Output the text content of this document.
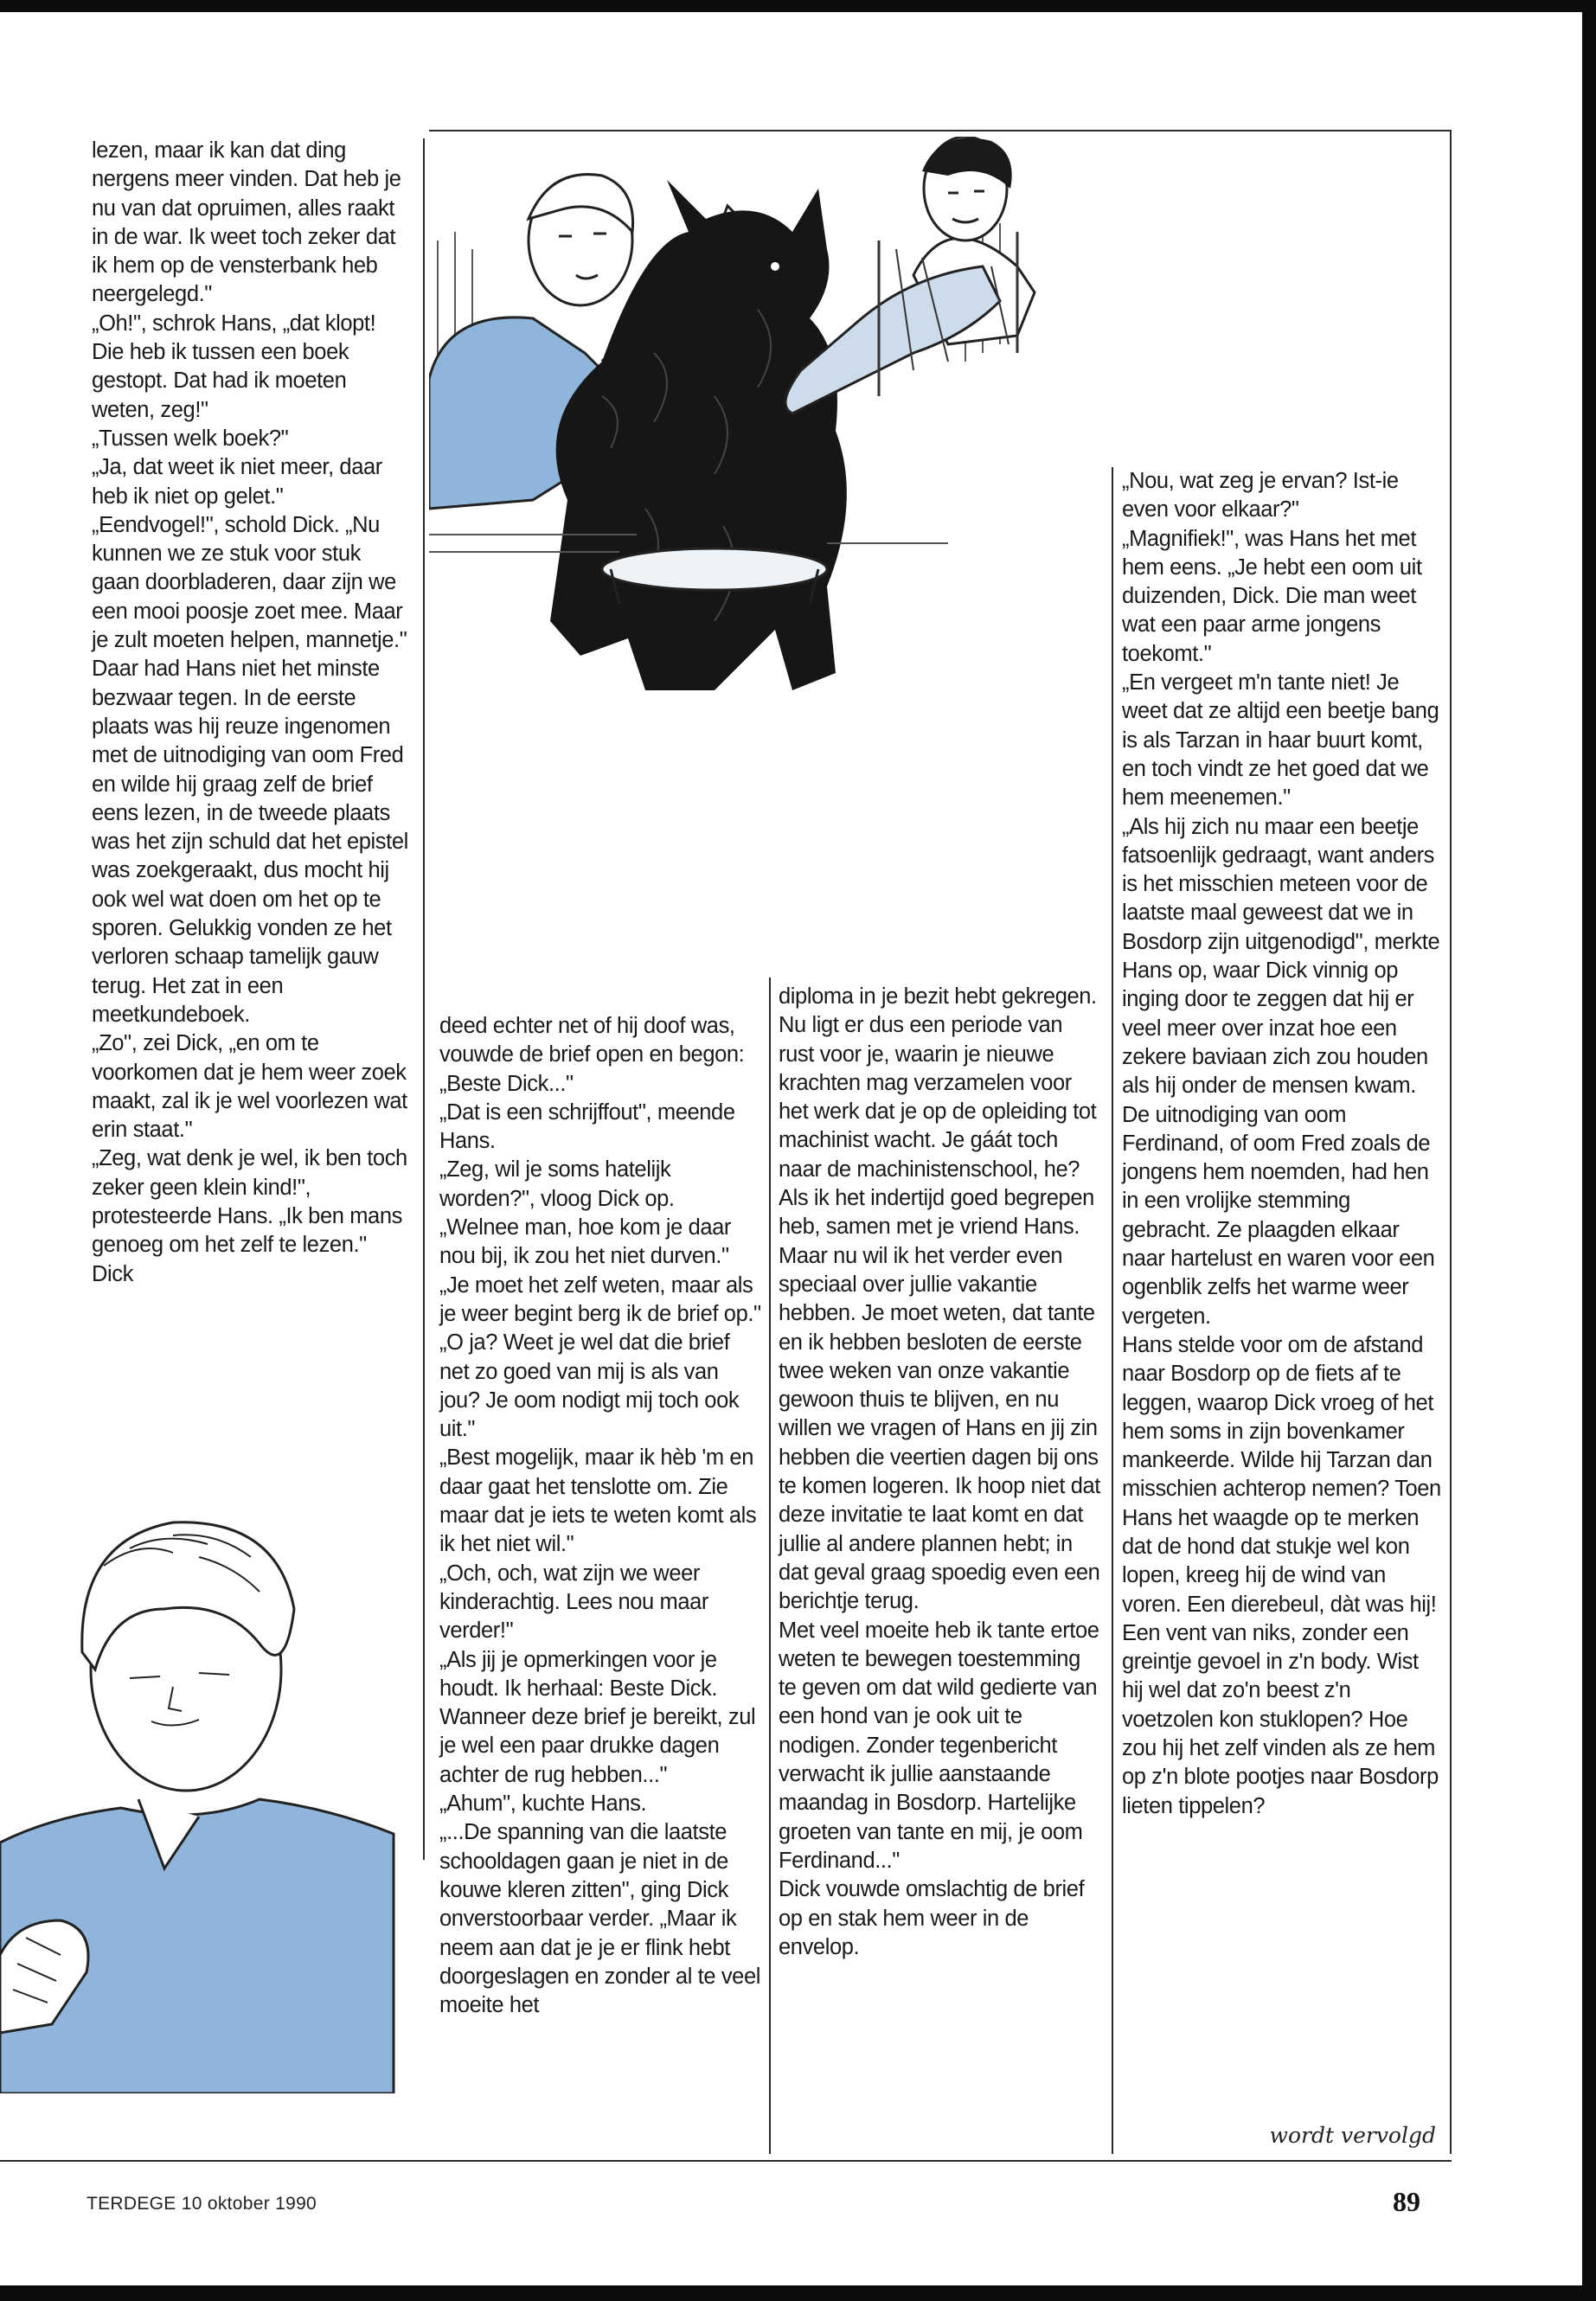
lezen, maar ik kan dat ding nergens meer vinden. Dat heb je nu van dat opruimen, alles raakt in de war. Ik weet toch zeker dat ik hem op de vensterbank heb neergelegd."

„Oh!", schrok Hans, „dat klopt! Die heb ik tussen een boek gestopt. Dat had ik moeten weten, zeg!"

„Tussen welk boek?"

„Ja, dat weet ik niet meer, daar heb ik niet op gelet."

„Eendvogel!", schold Dick. „Nu kunnen we ze stuk voor stuk gaan doorbladeren, daar zijn we een mooi poosje zoet mee. Maar je zult moeten helpen, mannetje."

Daar had Hans niet het minste bezwaar tegen. In de eerste plaats was hij reuze ingenomen met de uitnodiging van oom Fred en wilde hij graag zelf de brief eens lezen, in de tweede plaats was het zijn schuld dat het epistel was zoekgeraakt, dus mocht hij ook wel wat doen om het op te sporen. Gelukkig vonden ze het verloren schaap tamelijk gauw terug. Het zat in een meetkundeboek.

„Zo", zei Dick, „en om te voorkomen dat je hem weer zoek maakt, zal ik je wel voorlezen wat erin staat."

„Zeg, wat denk je wel, ik ben toch zeker geen klein kind!", protesteerde Hans. „Ik ben mans genoeg om het zelf te lezen." Dick

deed echter net of hij doof was, vouwde de brief open en begon: „Beste Dick..."

„Dat is een schrijffout", meende Hans.

„Zeg, wil je soms hatelijk worden?", vloog Dick op.

„Welnee man, hoe kom je daar nou bij, ik zou het niet durven."

„Je moet het zelf weten, maar als je weer begint berg ik de brief op."

„O ja? Weet je wel dat die brief net zo goed van mij is als van jou? Je oom nodigt mij toch ook uit."

„Best mogelijk, maar ik hèb 'm en daar gaat het tenslotte om. Zie maar dat je iets te weten komt als ik het niet wil."

„Och, och, wat zijn we weer kinderachtig. Lees nou maar verder!"

„Als jij je opmerkingen voor je houdt. Ik herhaal: Beste Dick. Wanneer deze brief je bereikt, zul je wel een paar drukke dagen achter de rug hebben..."

„Ahum", kuchte Hans.

„...De spanning van die laatste schooldagen gaan je niet in de kouwe kleren zitten", ging Dick onverstoorbaar verder. „Maar ik neem aan dat je je er flink hebt doorgeslagen en zonder al te veel moeite het

diploma in je bezit hebt gekregen. Nu ligt er dus een periode van rust voor je, waarin je nieuwe krachten mag verzamelen voor het werk dat je op de opleiding tot machinist wacht. Je gáát toch naar de machinistenschool, he? Als ik het indertijd goed begrepen heb, samen met je vriend Hans. Maar nu wil ik het verder even speciaal over jullie vakantie hebben. Je moet weten, dat tante en ik hebben besloten de eerste twee weken van onze vakantie gewoon thuis te blijven, en nu willen we vragen of Hans en jij zin hebben die veertien dagen bij ons te komen logeren. Ik hoop niet dat deze invitatie te laat komt en dat jullie al andere plannen hebt; in dat geval graag spoedig even een berichtje terug.

Met veel moeite heb ik tante ertoe weten te bewegen toestemming te geven om dat wild gedierte van een hond van je ook uit te nodigen. Zonder tegenbericht verwacht ik jullie aanstaande maandag in Bosdorp. Hartelijke groeten van tante en mij, je oom Ferdinand..."

Dick vouwde omslachtig de brief op en stak hem weer in de envelop.

„Nou, wat zeg je ervan? Ist-ie even voor elkaar?"

„Magnifiek!", was Hans het met hem eens. „Je hebt een oom uit duizenden, Dick. Die man weet wat een paar arme jongens toekomt."

„En vergeet m'n tante niet! Je weet dat ze altijd een beetje bang is als Tarzan in haar buurt komt, en toch vindt ze het goed dat we hem meenemen."

„Als hij zich nu maar een beetje fatsoenlijk gedraagt, want anders is het misschien meteen voor de laatste maal geweest dat we in Bosdorp zijn uitgenodigd", merkte Hans op, waar Dick vinnig op inging door te zeggen dat hij er veel meer over inzat hoe een zekere baviaan zich zou houden als hij onder de mensen kwam.

De uitnodiging van oom Ferdinand, of oom Fred zoals de jongens hem noemden, had hen in een vrolijke stemming gebracht. Ze plaagden elkaar naar hartelust en waren voor een ogenblik zelfs het warme weer vergeten.

Hans stelde voor om de afstand naar Bosdorp op de fiets af te leggen, waarop Dick vroeg of het hem soms in zijn bovenkamer mankeerde. Wilde hij Tarzan dan misschien achterop nemen? Toen Hans het waagde op te merken dat de hond dat stukje wel kon lopen, kreeg hij de wind van voren. Een dierebeul, dàt was hij! Een vent van niks, zonder een greintje gevoel in z'n body. Wist hij wel dat zo'n beest z'n voetzolen kon stuklopen? Hoe zou hij het zelf vinden als ze hem op z'n blote pootjes naar Bosdorp lieten tippelen?

wordt vervolgd
TERDEGE 10 oktober 1990	89
